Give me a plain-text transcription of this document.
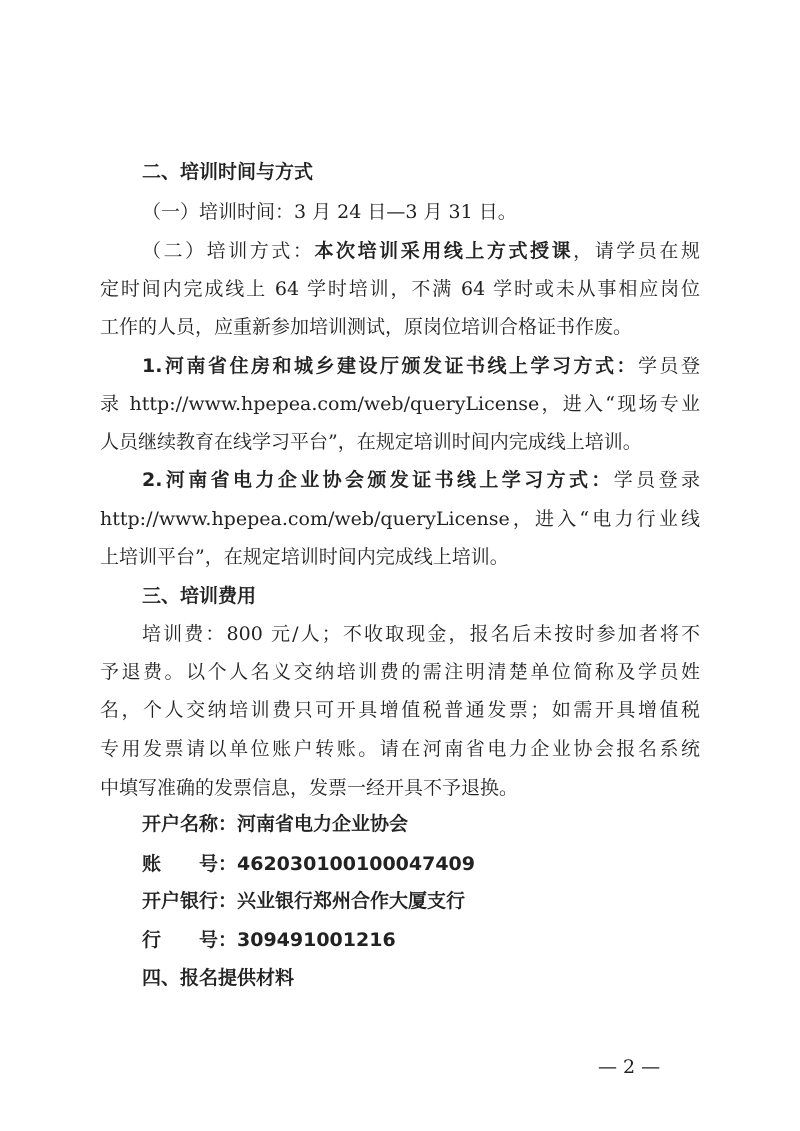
二、培训时间与方式
（一）培训时间：3 月 24 日—3 月 31 日。
（二）培训方式：本次培训采用线上方式授课，请学员在规
定时间内完成线上 64 学时培训，不满 64 学时或未从事相应岗位
工作的人员，应重新参加培训测试，原岗位培训合格证书作废。
1.河南省住房和城乡建设厅颁发证书线上学习方式：学员登
录 http://www.hpepea.com/web/queryLicense，进入“现场专业
人员继续教育在线学习平台”，在规定培训时间内完成线上培训。
2.河南省电力企业协会颁发证书线上学习方式：学员登录
http://www.hpepea.com/web/queryLicense，进入“电力行业线
上培训平台”，在规定培训时间内完成线上培训。
三、培训费用
培训费：800 元/人；不收取现金，报名后未按时参加者将不
予退费。以个人名义交纳培训费的需注明清楚单位简称及学员姓
名，个人交纳培训费只可开具增值税普通发票；如需开具增值税
专用发票请以单位账户转账。请在河南省电力企业协会报名系统
中填写准确的发票信息，发票一经开具不予退换。
开户名称：河南省电力企业协会
账　　号：462030100100047409
开户银行：兴业银行郑州合作大厦支行
行　　号：309491001216
四、报名提供材料
— 2 —
